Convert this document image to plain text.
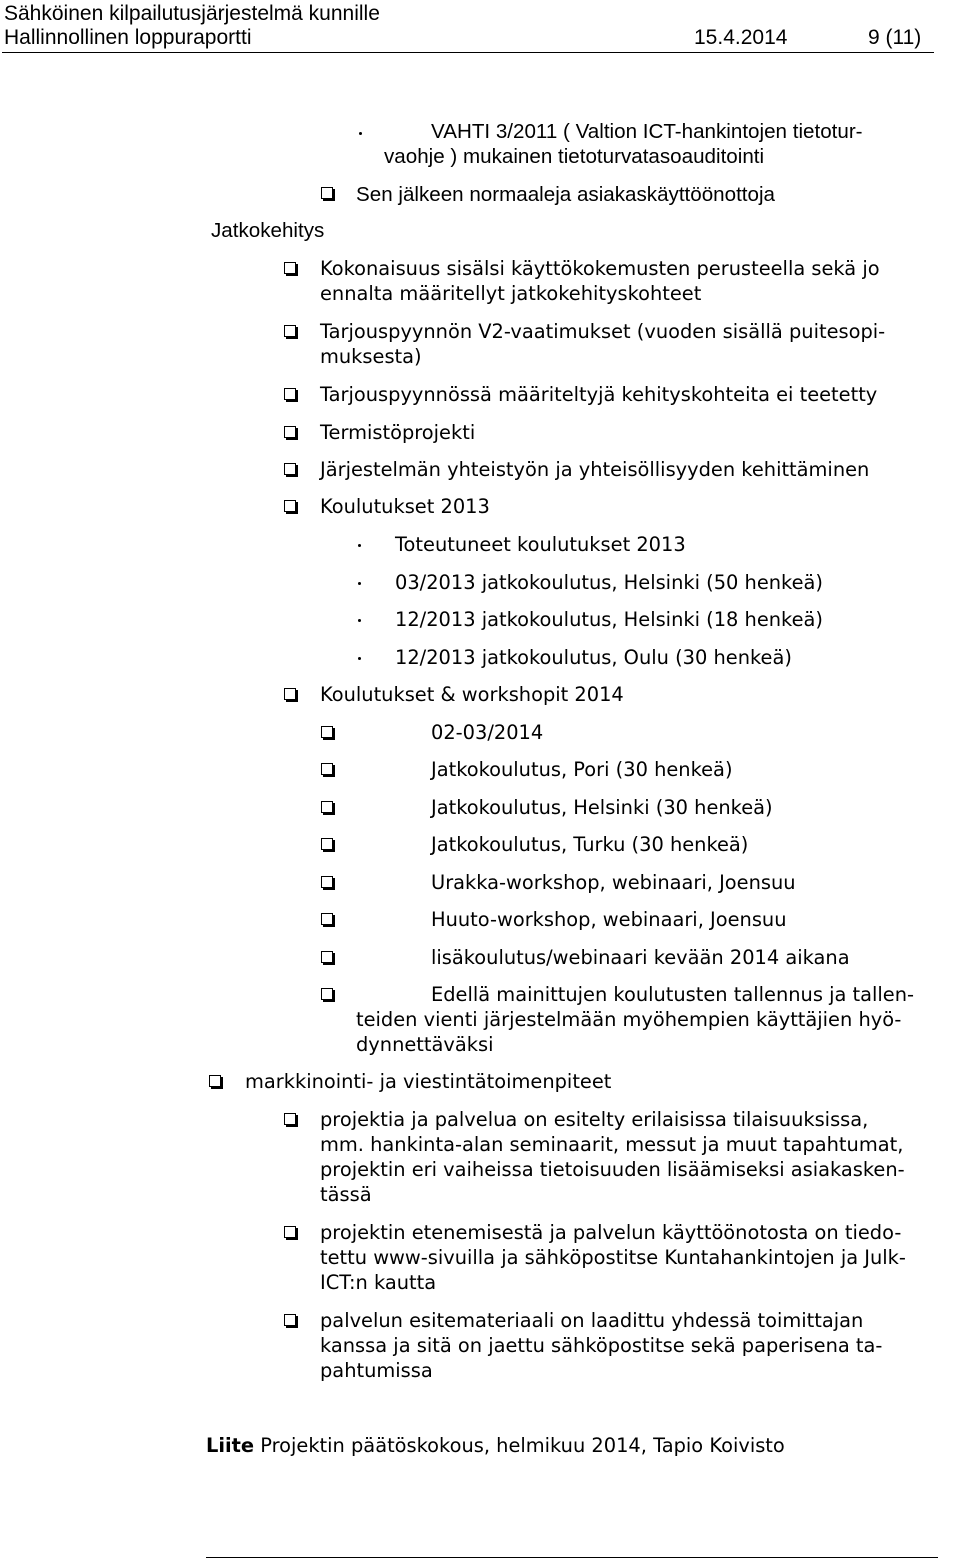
Sähköinen kilpailutusjärjestelmä kunnille
Hallinnollinen loppuraportti	15.4.2014	9 (11)
VAHTI 3/2011 ( Valtion ICT-hankintojen tietotur-
vaohje ) mukainen tietoturvatasoauditointi
Sen jälkeen normaaleja asiakaskäyttöönottoja
Jatkokehitys
Kokonaisuus sisälsi käyttökokemusten perusteella sekä jo
ennalta määritellyt jatkokehityskohteet
Tarjouspyynnön V2-vaatimukset (vuoden sisällä puitesopi-
muksesta)
Tarjouspyynnössä määriteltyjä kehityskohteita ei teetetty
Termistöprojekti
Järjestelmän yhteistyön ja yhteisöllisyyden kehittäminen
Koulutukset 2013
Toteutuneet koulutukset 2013
03/2013 jatkokoulutus, Helsinki (50 henkeä)
12/2013 jatkokoulutus, Helsinki (18 henkeä)
12/2013 jatkokoulutus, Oulu (30 henkeä)
Koulutukset & workshopit 2014
02-03/2014
Jatkokoulutus, Pori (30 henkeä)
Jatkokoulutus, Helsinki (30 henkeä)
Jatkokoulutus, Turku (30 henkeä)
Urakka-workshop, webinaari, Joensuu
Huuto-workshop, webinaari, Joensuu
lisäkoulutus/webinaari kevään 2014 aikana
Edellä mainittujen koulutusten tallennus ja tallen-
teiden vienti järjestelmään myöhempien käyttäjien hyö-
dynnettäväksi
markkinointi- ja viestintätoimenpiteet
projektia ja palvelua on esitelty erilaisissa tilaisuuksissa,
mm. hankinta-alan seminaarit, messut ja muut tapahtumat,
projektin eri vaiheissa tietoisuuden lisäämiseksi asiakasken-
tässä
projektin etenemisestä ja palvelun käyttöönotosta on tiedo-
tettu www-sivuilla ja sähköpostitse Kuntahankintojen ja Julk-
ICT:n kautta
palvelun esitemateriaali on laadittu yhdessä toimittajan
kanssa ja sitä on jaettu sähköpostitse sekä paperisena ta-
pahtumissa
Liite Projektin päätöskokous, helmikuu 2014, Tapio Koivisto
